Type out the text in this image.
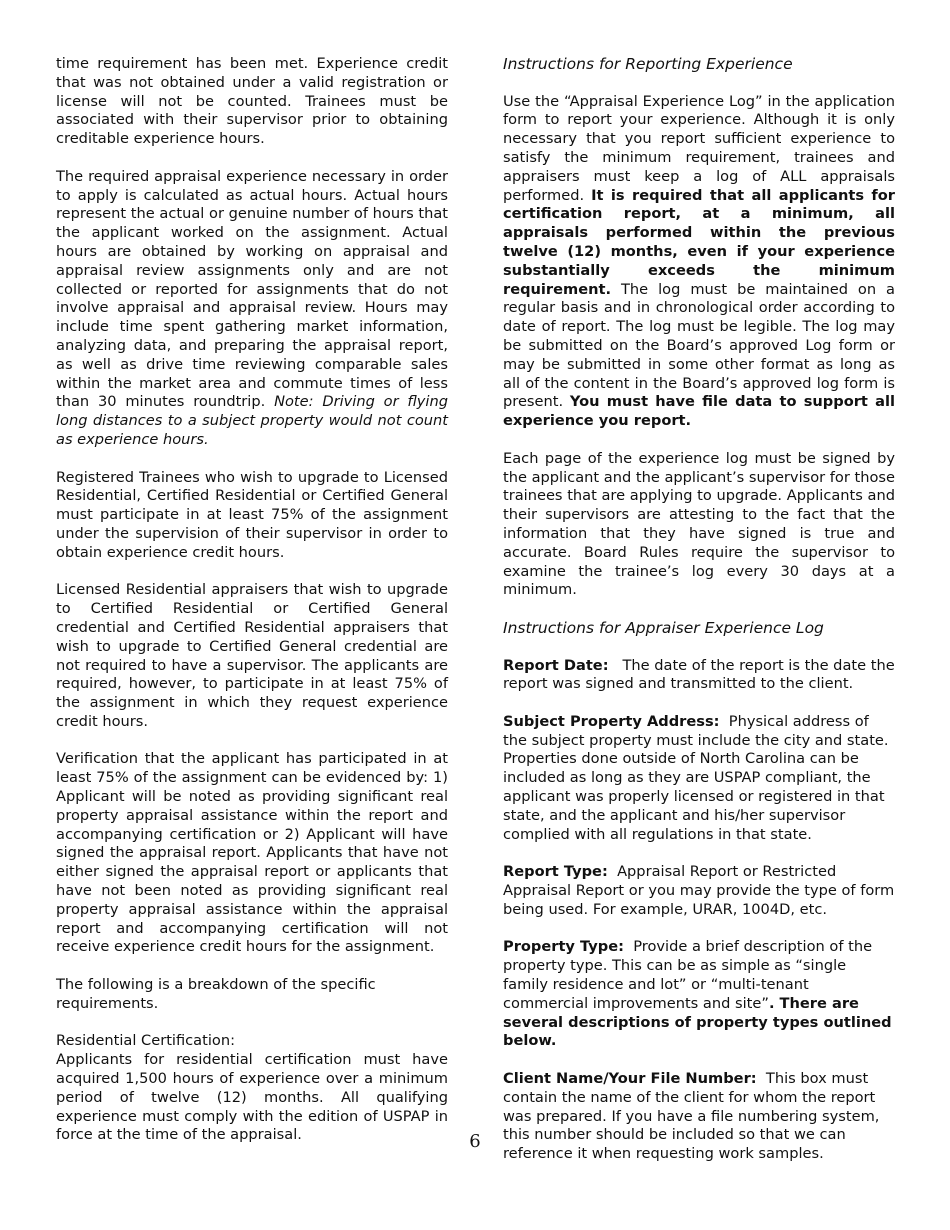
time requirement has been met. Experience credit that was not obtained under a valid registration or license will not be counted. Trainees must be associated with their supervisor prior to obtaining creditable experience hours.

The required appraisal experience necessary in order to apply is calculated as actual hours. Actual hours represent the actual or genuine number of hours that the applicant worked on the assignment. Actual hours are obtained by working on appraisal and appraisal review assignments only and are not collected or reported for assignments that do not involve appraisal and appraisal review. Hours may include time spent gathering market information, analyzing data, and preparing the appraisal report, as well as drive time reviewing comparable sales within the market area and commute times of less than 30 minutes roundtrip. Note: Driving or flying long distances to a subject property would not count as experience hours.

Registered Trainees who wish to upgrade to Licensed Residential, Certified Residential or Certified General must participate in at least 75% of the assignment under the supervision of their supervisor in order to obtain experience credit hours.

Licensed Residential appraisers that wish to upgrade to Certified Residential or Certified General credential and Certified Residential appraisers that wish to upgrade to Certified General credential are not required to have a supervisor. The applicants are required, however, to participate in at least 75% of the assignment in which they request experience credit hours.

Verification that the applicant has participated in at least 75% of the assignment can be evidenced by: 1) Applicant will be noted as providing significant real property appraisal assistance within the report and accompanying certification or 2) Applicant will have signed the appraisal report. Applicants that have not either signed the appraisal report or applicants that have not been noted as providing significant real property appraisal assistance within the appraisal report and accompanying certification will not receive experience credit hours for the assignment.

The following is a breakdown of the specific requirements.

Residential Certification:

Applicants for residential certification must have acquired 1,500 hours of experience over a minimum period of twelve (12) months. All qualifying experience must comply with the edition of USPAP in force at the time of the appraisal.

Instructions for Reporting Experience

Use the “Appraisal Experience Log” in the application form to report your experience. Although it is only necessary that you report sufficient experience to satisfy the minimum requirement, trainees and appraisers must keep a log of ALL appraisals performed. It is required that all applicants for certification report, at a minimum, all appraisals performed within the previous twelve (12) months, even if your experience substantially exceeds the minimum requirement. The log must be maintained on a regular basis and in chronological order according to date of report. The log must be legible. The log may be submitted on the Board’s approved Log form or may be submitted in some other format as long as all of the content in the Board’s approved log form is present. You must have file data to support all experience you report.

Each page of the experience log must be signed by the applicant and the applicant’s supervisor for those trainees that are applying to upgrade. Applicants and their supervisors are attesting to the fact that the information that they have signed is true and accurate. Board Rules require the supervisor to examine the trainee’s log every 30 days at a minimum.

Instructions for Appraiser Experience Log

Report Date: The date of the report is the date the report was signed and transmitted to the client.

Subject Property Address: Physical address of the subject property must include the city and state. Properties done outside of North Carolina can be included as long as they are USPAP compliant, the applicant was properly licensed or registered in that state, and the applicant and his/her supervisor complied with all regulations in that state.

Report Type: Appraisal Report or Restricted Appraisal Report or you may provide the type of form being used. For example, URAR, 1004D, etc.

Property Type: Provide a brief description of the property type. This can be as simple as “single family residence and lot” or “multi-tenant commercial improvements and site”. There are several descriptions of property types outlined below.

Client Name/Your File Number: This box must contain the name of the client for whom the report was prepared. If you have a file numbering system, this number should be included so that we can reference it when requesting work samples.

6
